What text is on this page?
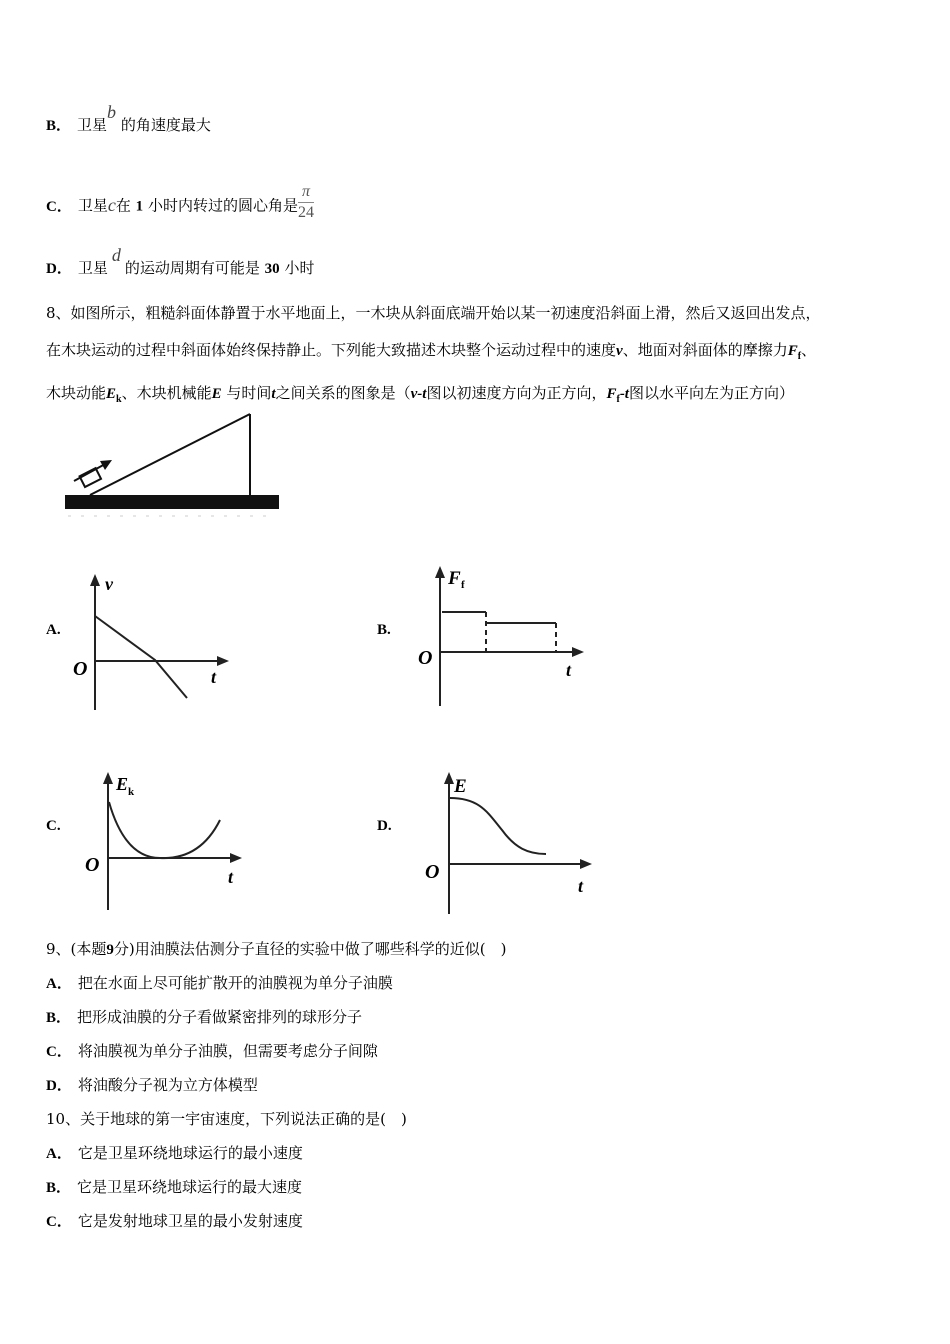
B． 卫星b 的角速度最大
C． 卫星c在 1 小时内转过的圆心角是 $\frac{\pi}{24}$
D． 卫星d的运动周期有可能是 30 小时
8、如图所示，粗糙斜面体静置于水平地面上，一木块从斜面底端开始以某一初速度沿斜面上滑，然后又返回出发点，
在木块运动的过程中斜面体始终保持静止。下列能大致描述木块整个运动过程中的速度v、地面对斜面体的摩擦力$F_f$、
木块动能$E_k$、木块机械能E 与时间t之间关系的图象是（v-t图以初速度方向为正方向，$F_f-t$图以水平向左为正方向）
A.
v
O	t
B.
F f
O
t
C.
E k
O
t
D.
E
O
t
9、(本题9分)用油膜法估测分子直径的实验中做了哪些科学的近似(　)
A． 把在水面上尽可能扩散开的油膜视为单分子油膜
B． 把形成油膜的分子看做紧密排列的球形分子
C． 将油膜视为单分子油膜，但需要考虑分子间隙
D． 将油酸分子视为立方体模型
10、关于地球的第一宇宙速度，下列说法正确的是(　)
A． 它是卫星环绕地球运行的最小速度
B． 它是卫星环绕地球运行的最大速度
C． 它是发射地球卫星的最小发射速度
